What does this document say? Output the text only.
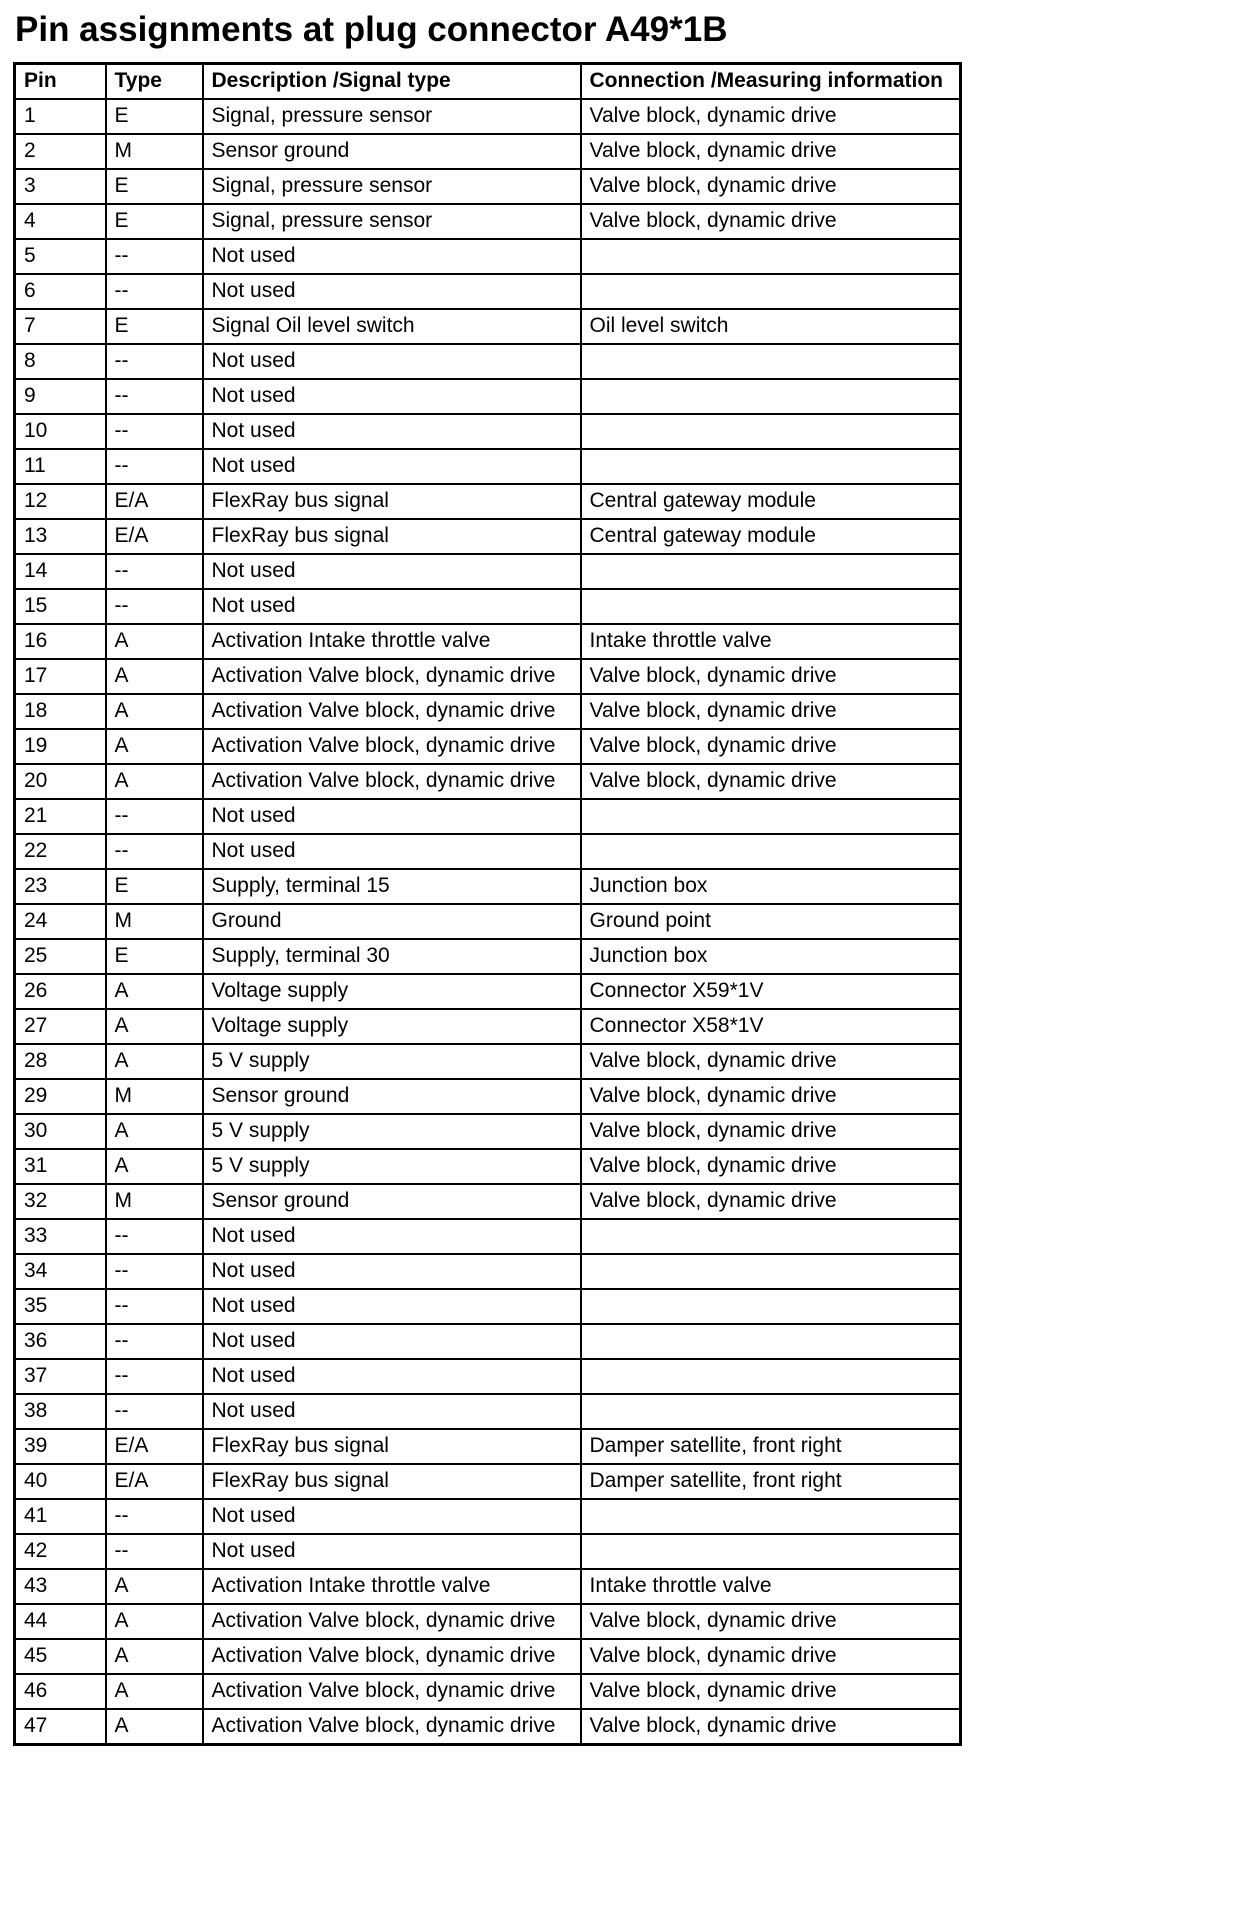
Pin assignments at plug connector A49*1B
Pin	Type	Description /Signal type	Connection /Measuring information
1	E	Signal, pressure sensor	Valve block, dynamic drive
2	M	Sensor ground	Valve block, dynamic drive
3	E	Signal, pressure sensor	Valve block, dynamic drive
4	E	Signal, pressure sensor	Valve block, dynamic drive
5	--	Not used	
6	--	Not used	
7	E	Signal Oil level switch	Oil level switch
8	--	Not used	
9	--	Not used	
10	--	Not used	
11	--	Not used	
12	E/A	FlexRay bus signal	Central gateway module
13	E/A	FlexRay bus signal	Central gateway module
14	--	Not used	
15	--	Not used	
16	A	Activation Intake throttle valve	Intake throttle valve
17	A	Activation Valve block, dynamic drive	Valve block, dynamic drive
18	A	Activation Valve block, dynamic drive	Valve block, dynamic drive
19	A	Activation Valve block, dynamic drive	Valve block, dynamic drive
20	A	Activation Valve block, dynamic drive	Valve block, dynamic drive
21	--	Not used	
22	--	Not used	
23	E	Supply, terminal 15	Junction box
24	M	Ground	Ground point
25	E	Supply, terminal 30	Junction box
26	A	Voltage supply	Connector X59*1V
27	A	Voltage supply	Connector X58*1V
28	A	5 V supply	Valve block, dynamic drive
29	M	Sensor ground	Valve block, dynamic drive
30	A	5 V supply	Valve block, dynamic drive
31	A	5 V supply	Valve block, dynamic drive
32	M	Sensor ground	Valve block, dynamic drive
33	--	Not used	
34	--	Not used	
35	--	Not used	
36	--	Not used	
37	--	Not used	
38	--	Not used	
39	E/A	FlexRay bus signal	Damper satellite, front right
40	E/A	FlexRay bus signal	Damper satellite, front right
41	--	Not used	
42	--	Not used	
43	A	Activation Intake throttle valve	Intake throttle valve
44	A	Activation Valve block, dynamic drive	Valve block, dynamic drive
45	A	Activation Valve block, dynamic drive	Valve block, dynamic drive
46	A	Activation Valve block, dynamic drive	Valve block, dynamic drive
47	A	Activation Valve block, dynamic drive	Valve block, dynamic drive
